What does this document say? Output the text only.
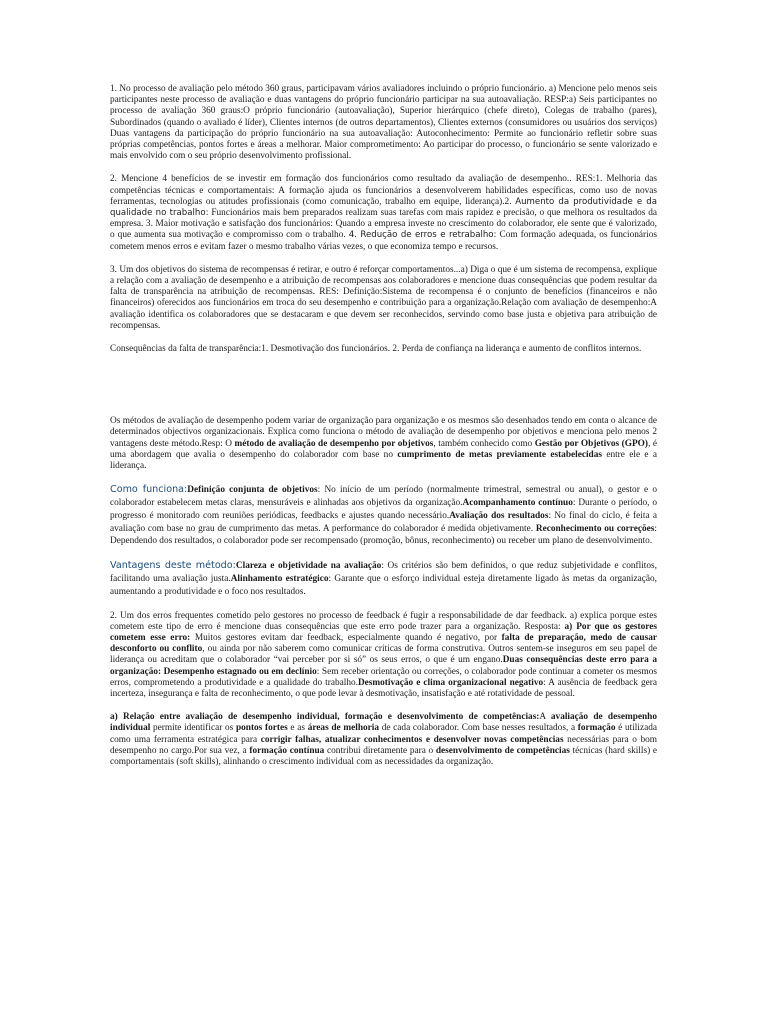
1. No processo de avaliação pelo método 360 graus, participavam vários avaliadores incluindo o próprio funcionário. a) Mencione pelo menos seis participantes neste processo de avaliação e duas vantagens do próprio funcionário participar na sua autoavaliação. RESP:a) Seis participantes no processo de avaliação 360 graus:O próprio funcionário (autoavaliação), Superior hierárquico (chefe direto), Colegas de trabalho (pares), Subordinados (quando o avaliado é líder), Clientes internos (de outros departamentos), Clientes externos (consumidores ou usuários dos serviços) Duas vantagens da participação do próprio funcionário na sua autoavaliação: Autoconhecimento: Permite ao funcionário refletir sobre suas próprias competências, pontos fortes e áreas a melhorar. Maior comprometimento: Ao participar do processo, o funcionário se sente valorizado e mais envolvido com o seu próprio desenvolvimento profissional.

2. Mencione 4 benefícios de se investir em formação dos funcionários como resultado da avaliação de desempenho.. RES:1. Melhoria das competências técnicas e comportamentais: A formação ajuda os funcionários a desenvolverem habilidades específicas, como uso de novas ferramentas, tecnologias ou atitudes profissionais (como comunicação, trabalho em equipe, liderança).2. Aumento da produtividade e da qualidade no trabalho: Funcionários mais bem preparados realizam suas tarefas com mais rapidez e precisão, o que melhora os resultados da empresa. 3. Maior motivação e satisfação dos funcionários: Quando a empresa investe no crescimento do colaborador, ele sente que é valorizado, o que aumenta sua motivação e compromisso com o trabalho. 4. Redução de erros e retrabalho: Com formação adequada, os funcionários cometem menos erros e evitam fazer o mesmo trabalho várias vezes, o que economiza tempo e recursos.

3. Um dos objetivos do sistema de recompensas é retirar, e outro é reforçar comportamentos...a) Diga o que é um sistema de recompensa, explique a relação com a avaliação de desempenho e a atribuição de recompensas aos colaboradores e mencione duas consequências que podem resultar da falta de transparência na atribuição de recompensas. RES: Definição:Sistema de recompensa é o conjunto de benefícios (financeiros e não financeiros) oferecidos aos funcionários em troca do seu desempenho e contribuição para a organização.Relação com avaliação de desempenho:A avaliação identifica os colaboradores que se destacaram e que devem ser reconhecidos, servindo como base justa e objetiva para atribuição de recompensas.

Consequências da falta de transparência:1. Desmotivação dos funcionários. 2. Perda de confiança na liderança e aumento de conflitos internos.

Os métodos de avaliação de desempenho podem variar de organização para organização e os mesmos são desenhados tendo em conta o alcance de determinados objectivos organizacionais. Explica como funciona o método de avaliação de desempenho por objetivos e menciona pelo menos 2 vantagens deste método.Resp: O método de avaliação de desempenho por objetivos, também conhecido como Gestão por Objetivos (GPO), é uma abordagem que avalia o desempenho do colaborador com base no cumprimento de metas previamente estabelecidas entre ele e a liderança.

Como funciona:Definição conjunta de objetivos: No início de um período (normalmente trimestral, semestral ou anual), o gestor e o colaborador estabelecem metas claras, mensuráveis e alinhadas aos objetivos da organização.Acompanhamento contínuo: Durante o período, o progresso é monitorado com reuniões periódicas, feedbacks e ajustes quando necessário.Avaliação dos resultados: No final do ciclo, é feita a avaliação com base no grau de cumprimento das metas. A performance do colaborador é medida objetivamente. Reconhecimento ou correções: Dependendo dos resultados, o colaborador pode ser recompensado (promoção, bônus, reconhecimento) ou receber um plano de desenvolvimento.

Vantagens deste método:Clareza e objetividade na avaliação: Os critérios são bem definidos, o que reduz subjetividade e conflitos, facilitando uma avaliação justa.Alinhamento estratégico: Garante que o esforço individual esteja diretamente ligado às metas da organização, aumentando a produtividade e o foco nos resultados.

2. Um dos erros frequentes cometido pelo gestores no processo de feedback é fugir a responsabilidade de dar feedback. a) explica porque estes cometem este tipo de erro é mencione duas consequências que este erro pode trazer para a organização. Resposta: a) Por que os gestores cometem esse erro: Muitos gestores evitam dar feedback, especialmente quando é negativo, por falta de preparação, medo de causar desconforto ou conflito, ou ainda por não saberem como comunicar críticas de forma construtiva. Outros sentem-se inseguros em seu papel de liderança ou acreditam que o colaborador “vai perceber por si só” os seus erros, o que é um engano.Duas consequências deste erro para a organização: Desempenho estagnado ou em declínio: Sem receber orientação ou correções, o colaborador pode continuar a cometer os mesmos erros, comprometendo a produtividade e a qualidade do trabalho.Desmotivação e clima organizacional negativo: A ausência de feedback gera incerteza, insegurança e falta de reconhecimento, o que pode levar à desmotivação, insatisfação e até rotatividade de pessoal.

a) Relação entre avaliação de desempenho individual, formação e desenvolvimento de competências:A avaliação de desempenho individual permite identificar os pontos fortes e as áreas de melhoria de cada colaborador. Com base nesses resultados, a formação é utilizada como uma ferramenta estratégica para corrigir falhas, atualizar conhecimentos e desenvolver novas competências necessárias para o bom desempenho no cargo.Por sua vez, a formação contínua contribui diretamente para o desenvolvimento de competências técnicas (hard skills) e comportamentais (soft skills), alinhando o crescimento individual com as necessidades da organização.
